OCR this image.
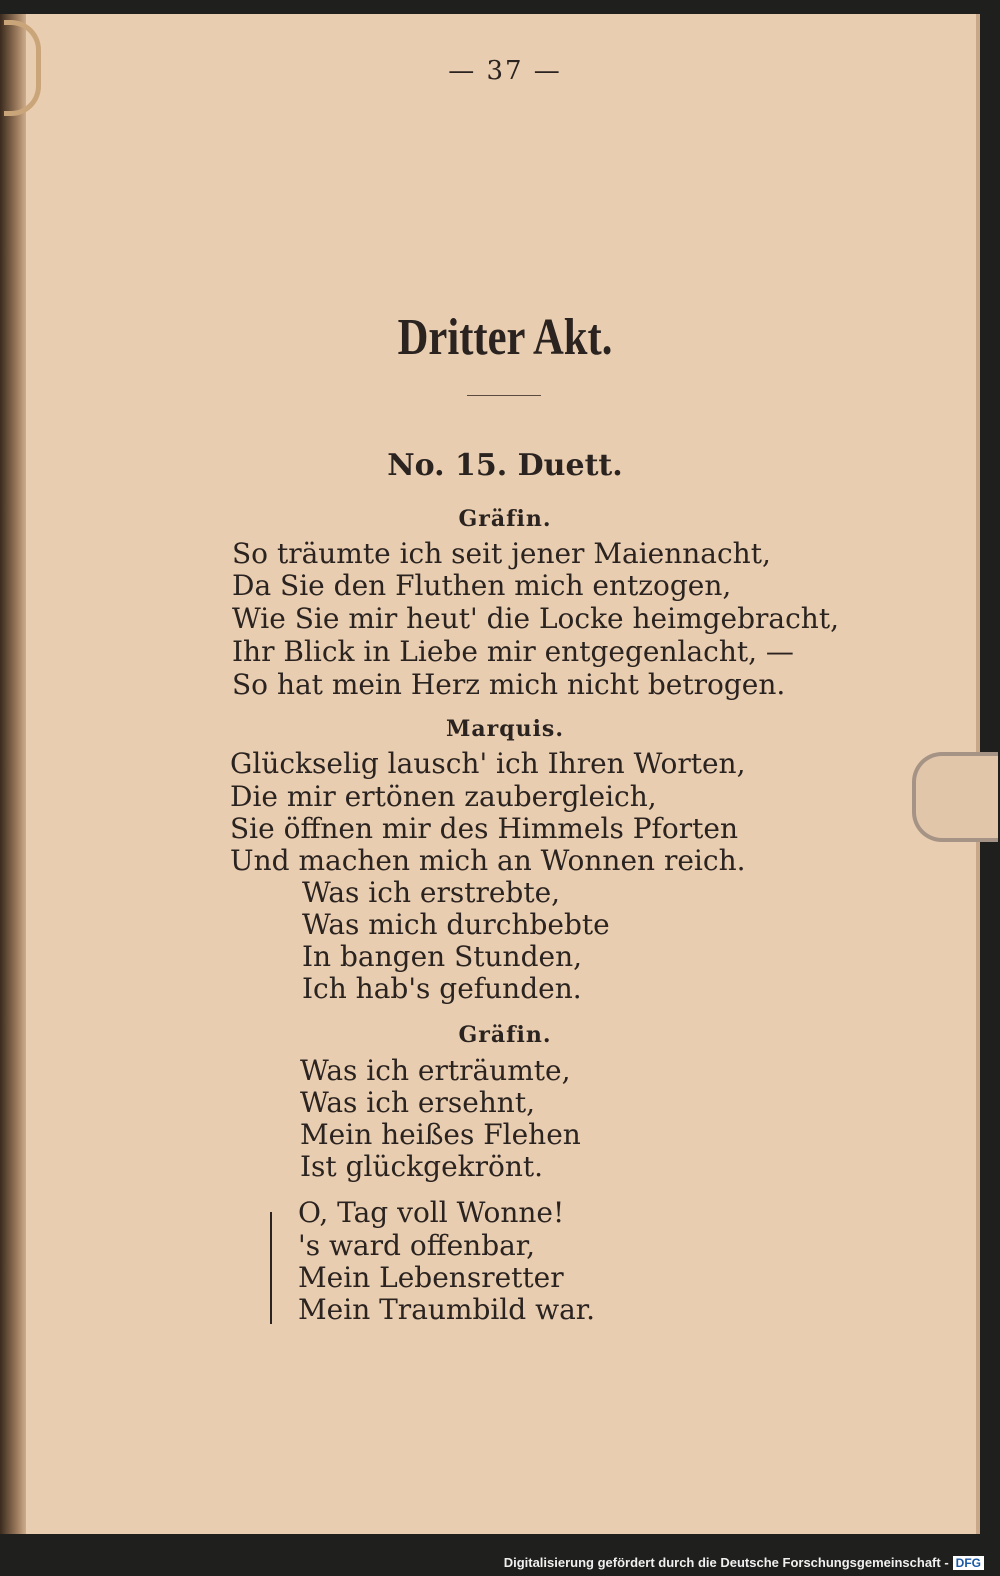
— 37 —
Dritter Akt.
No. 15. Duett.
Gräfin.
So träumte ich seit jener Maiennacht,
Da Sie den Fluthen mich entzogen,
Wie Sie mir heut' die Locke heimgebracht,
Ihr Blick in Liebe mir entgegenlacht, —
So hat mein Herz mich nicht betrogen.
Marquis.
Glückselig lausch' ich Ihren Worten,
Die mir ertönen zaubergleich,
Sie öffnen mir des Himmels Pforten
Und machen mich an Wonnen reich.
Was ich erstrebte,
Was mich durchbebte
In bangen Stunden,
Ich hab's gefunden.
Gräfin.
Was ich erträumte,
Was ich ersehnt,
Mein heißes Flehen
Ist glückgekrönt.
O, Tag voll Wonne!
's ward offenbar,
Mein Lebensretter
Mein Traumbild war.
Digitalisierung gefördert durch die Deutsche Forschungsgemeinschaft - DFG
